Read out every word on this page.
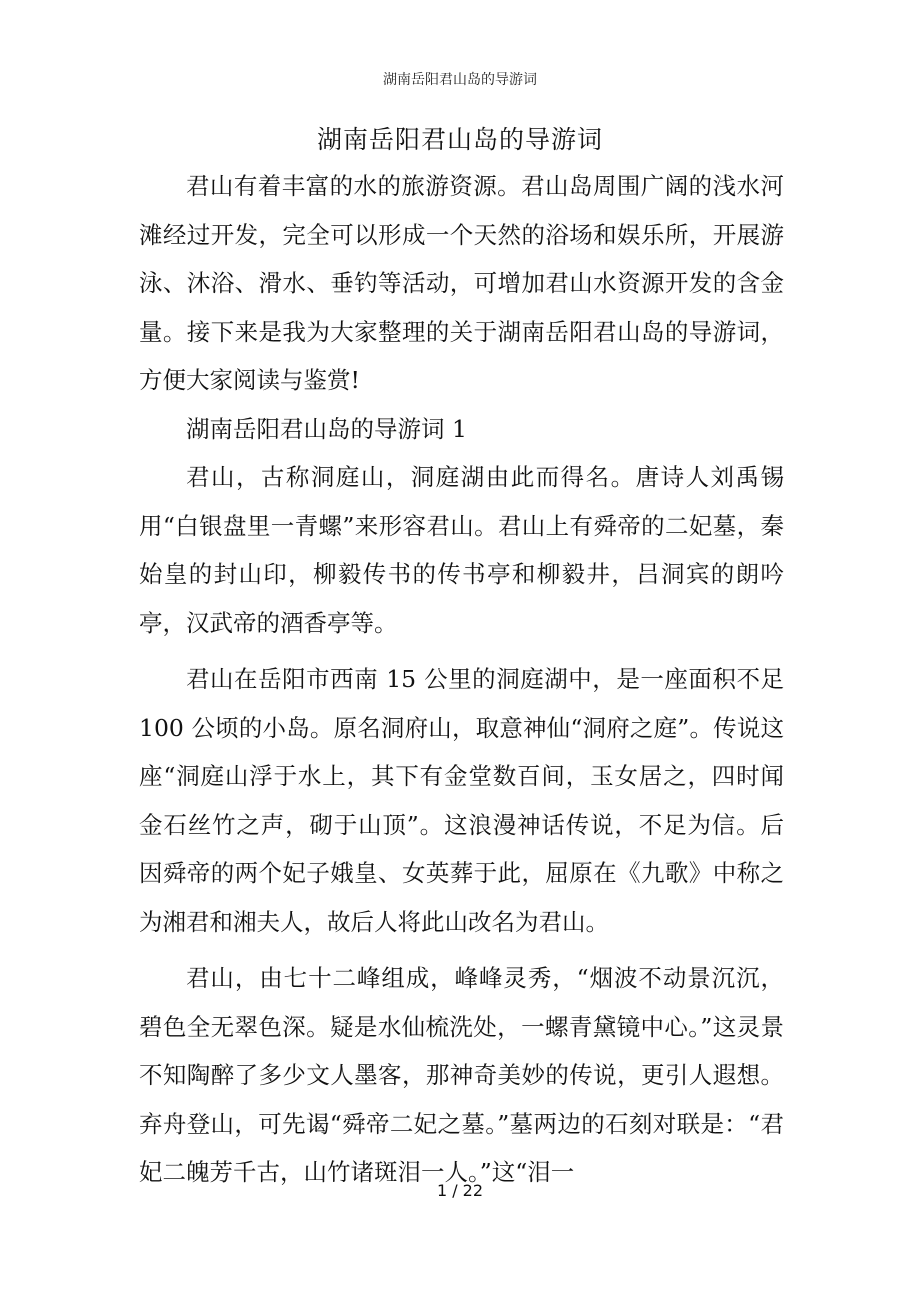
湖南岳阳君山岛的导游词
湖南岳阳君山岛的导游词

君山有着丰富的水的旅游资源。君山岛周围广阔的浅水河滩经过开发，完全可以形成一个天然的浴场和娱乐所，开展游泳、沐浴、滑水、垂钓等活动，可增加君山水资源开发的含金量。接下来是我为大家整理的关于湖南岳阳君山岛的导游词，方便大家阅读与鉴赏!

湖南岳阳君山岛的导游词 1

君山，古称洞庭山，洞庭湖由此而得名。唐诗人刘禹锡用“白银盘里一青螺”来形容君山。君山上有舜帝的二妃墓，秦始皇的封山印，柳毅传书的传书亭和柳毅井，吕洞宾的朗吟亭，汉武帝的酒香亭等。

君山在岳阳市西南 15 公里的洞庭湖中，是一座面积不足 100 公顷的小岛。原名洞府山，取意神仙“洞府之庭”。传说这座“洞庭山浮于水上，其下有金堂数百间，玉女居之，四时闻金石丝竹之声，砌于山顶”。这浪漫神话传说，不足为信。后因舜帝的两个妃子娥皇、女英葬于此，屈原在《九歌》中称之为湘君和湘夫人，故后人将此山改名为君山。

君山，由七十二峰组成，峰峰灵秀，“烟波不动景沉沉，碧色全无翠色深。疑是水仙梳洗处，一螺青黛镜中心。”这灵景不知陶醉了多少文人墨客，那神奇美妙的传说，更引人遐想。弃舟登山，可先谒“舜帝二妃之墓。”墓两边的石刻对联是：“君妃二魄芳千古，山竹诸斑泪一人。”这“泪一

1 / 22
